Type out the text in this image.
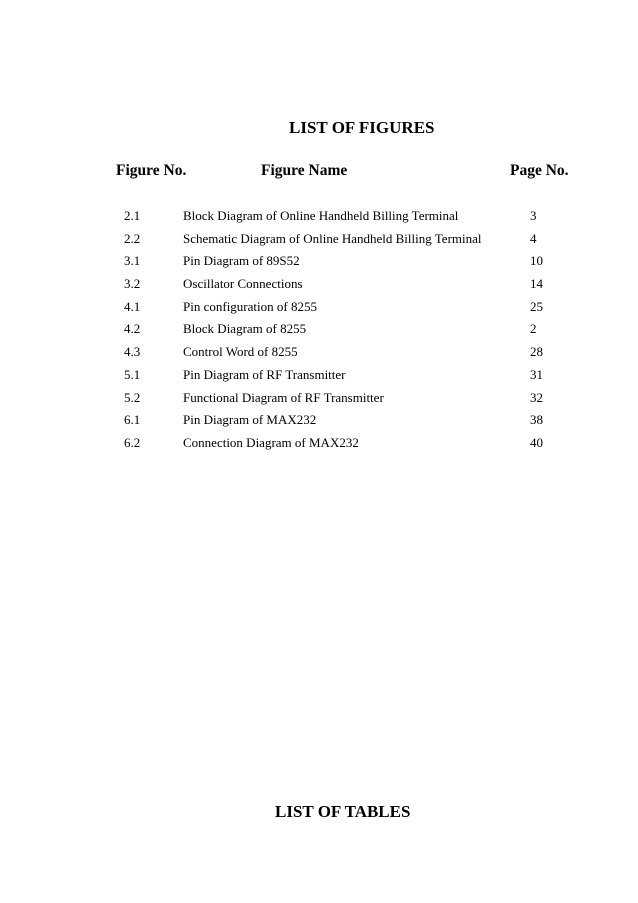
LIST OF FIGURES
Figure No.	Figure Name	Page No.
2.1	Block Diagram of Online Handheld Billing Terminal	3
2.2	Schematic Diagram of Online Handheld Billing Terminal	4
3.1	Pin Diagram of 89S52	10
3.2	Oscillator Connections	14
4.1	Pin configuration of 8255	25
4.2	Block Diagram of 8255	2
4.3	Control Word of 8255	28
5.1	Pin Diagram of RF Transmitter	31
5.2	Functional Diagram of RF Transmitter	32
6.1	Pin Diagram of MAX232	38
6.2	Connection Diagram of MAX232	40
LIST OF TABLES
